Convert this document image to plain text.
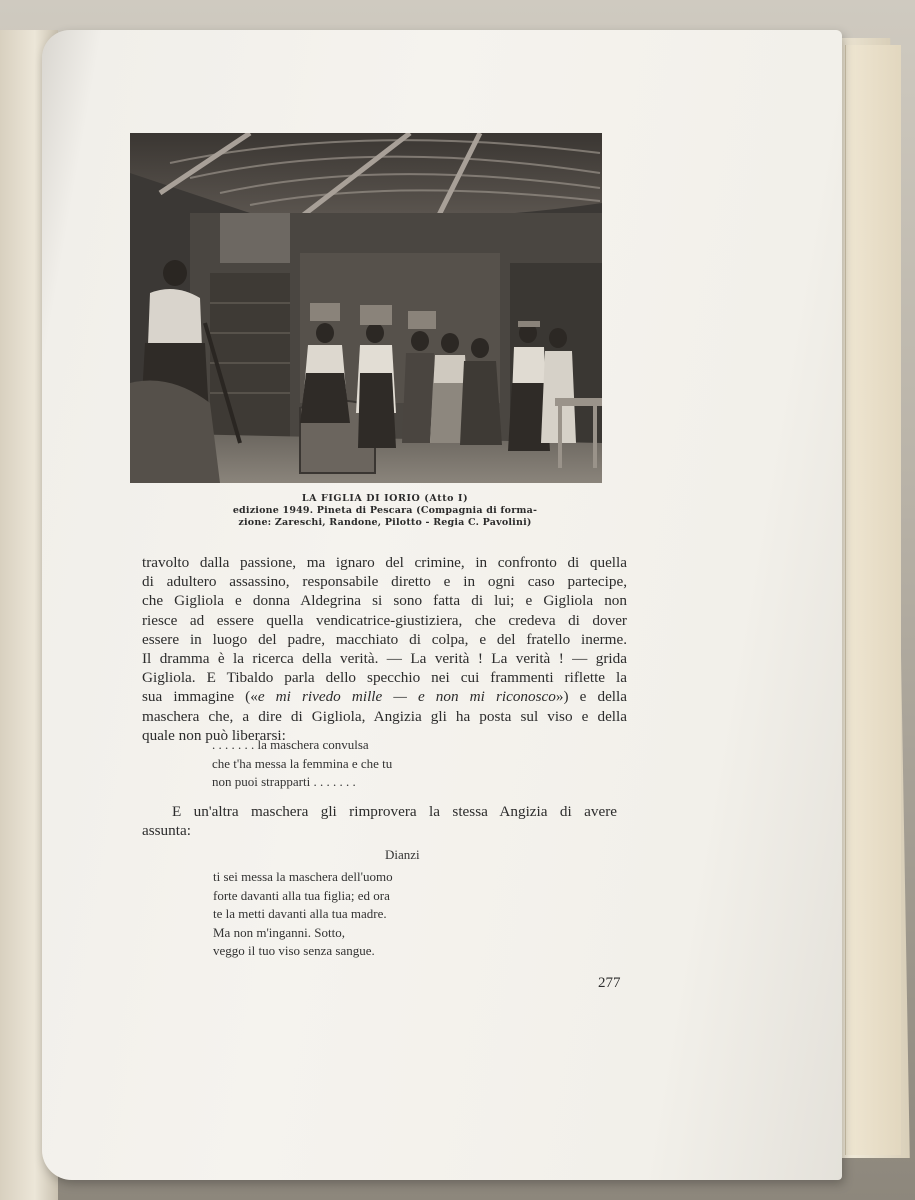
LA FIGLIA DI IORIO (Atto I)
edizione 1949. Pineta di Pescara (Compagnia di forma-
zione: Zareschi, Randone, Pilotto - Regia C. Pavolini)
travolto dalla passione, ma ignaro del crimine, in confronto di quella
di adultero assassino, responsabile diretto e in ogni caso partecipe,
che Gigliola e donna Aldegrina si sono fatta di lui; e Gigliola non
riesce ad essere quella vendicatrice-giustiziera, che credeva di dover
essere in luogo del padre, macchiato di colpa, e del fratello inerme.
Il dramma è la ricerca della verità. — La verità ! La verità ! — grida
Gigliola. E Tibaldo parla dello specchio nei cui frammenti riflette la
sua immagine («e mi rivedo mille — e non mi riconosco») e della
maschera che, a dire di Gigliola, Angizia gli ha posta sul viso e della
quale non può liberarsi:
. . . . . . . la maschera convulsa
che t'ha messa la femmina e che tu
non puoi strapparti . . . . . . .
E un'altra maschera gli rimprovera la stessa Angizia di avere
assunta:
Dianzi
ti sei messa la maschera dell'uomo
forte davanti alla tua figlia; ed ora
te la metti davanti alla tua madre.
Ma non m'inganni. Sotto,
veggo il tuo viso senza sangue.
277
